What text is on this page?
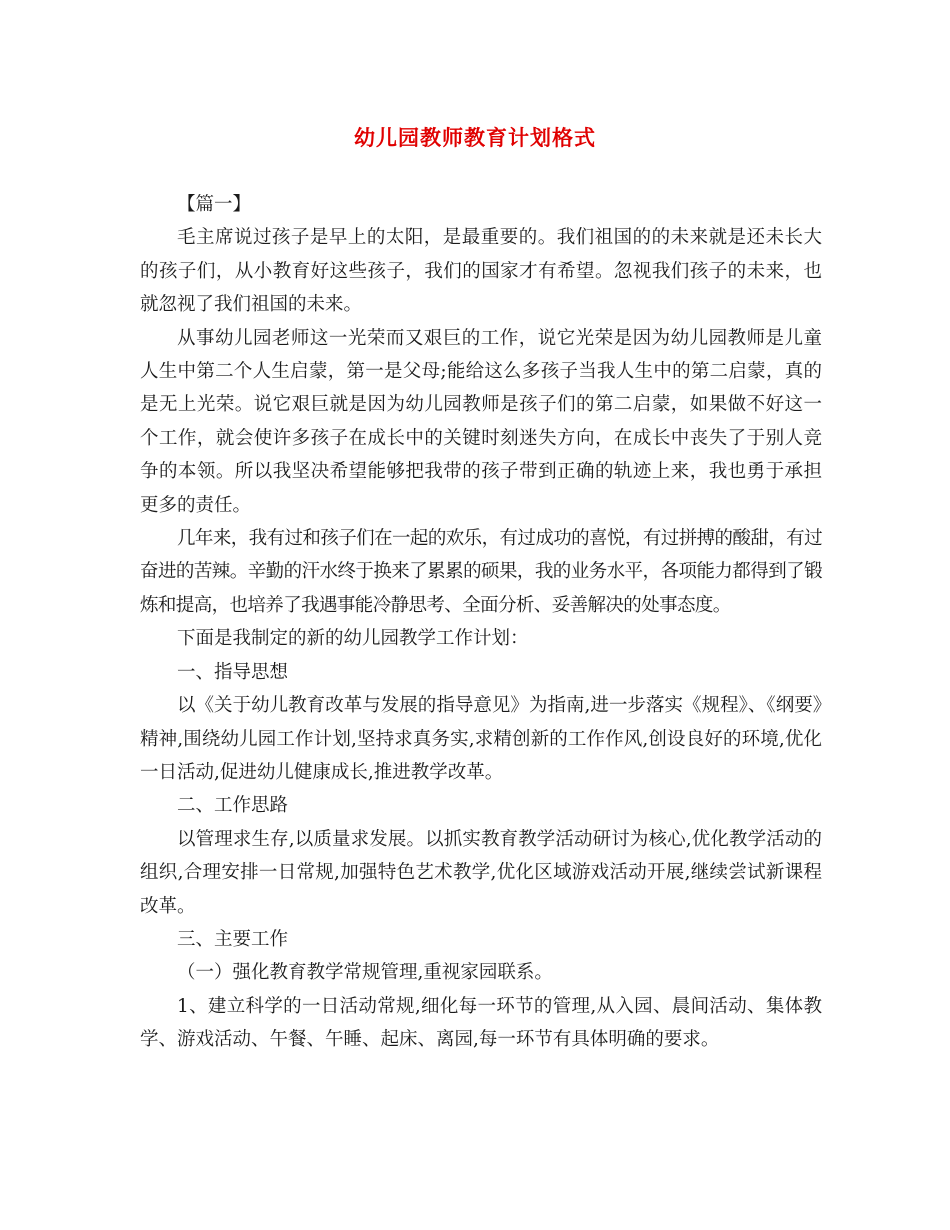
幼儿园教师教育计划格式

【篇一】

毛主席说过孩子是早上的太阳，是最重要的。我们祖国的的未来就是还未长大的孩子们，从小教育好这些孩子，我们的国家才有希望。忽视我们孩子的未来，也就忽视了我们祖国的未来。

从事幼儿园老师这一光荣而又艰巨的工作，说它光荣是因为幼儿园教师是儿童人生中第二个人生启蒙，第一是父母;能给这么多孩子当我人生中的第二启蒙，真的是无上光荣。说它艰巨就是因为幼儿园教师是孩子们的第二启蒙，如果做不好这一个工作，就会使许多孩子在成长中的关键时刻迷失方向，在成长中丧失了于别人竞争的本领。所以我坚决希望能够把我带的孩子带到正确的轨迹上来，我也勇于承担更多的责任。

几年来，我有过和孩子们在一起的欢乐，有过成功的喜悦，有过拼搏的酸甜，有过奋进的苦辣。辛勤的汗水终于换来了累累的硕果，我的业务水平，各项能力都得到了锻炼和提高，也培养了我遇事能冷静思考、全面分析、妥善解决的处事态度。

下面是我制定的新的幼儿园教学工作计划：

一、指导思想

以《关于幼儿教育改革与发展的指导意见》为指南,进一步落实《规程》、《纲要》精神,围绕幼儿园工作计划,坚持求真务实,求精创新的工作作风,创设良好的环境,优化一日活动,促进幼儿健康成长,推进教学改革。

二、工作思路

以管理求生存,以质量求发展。以抓实教育教学活动研讨为核心,优化教学活动的组织,合理安排一日常规,加强特色艺术教学,优化区域游戏活动开展,继续尝试新课程改革。

三、主要工作

（一）强化教育教学常规管理,重视家园联系。

1、建立科学的一日活动常规,细化每一环节的管理,从入园、晨间活动、集体教学、游戏活动、午餐、午睡、起床、离园,每一环节有具体明确的要求。
